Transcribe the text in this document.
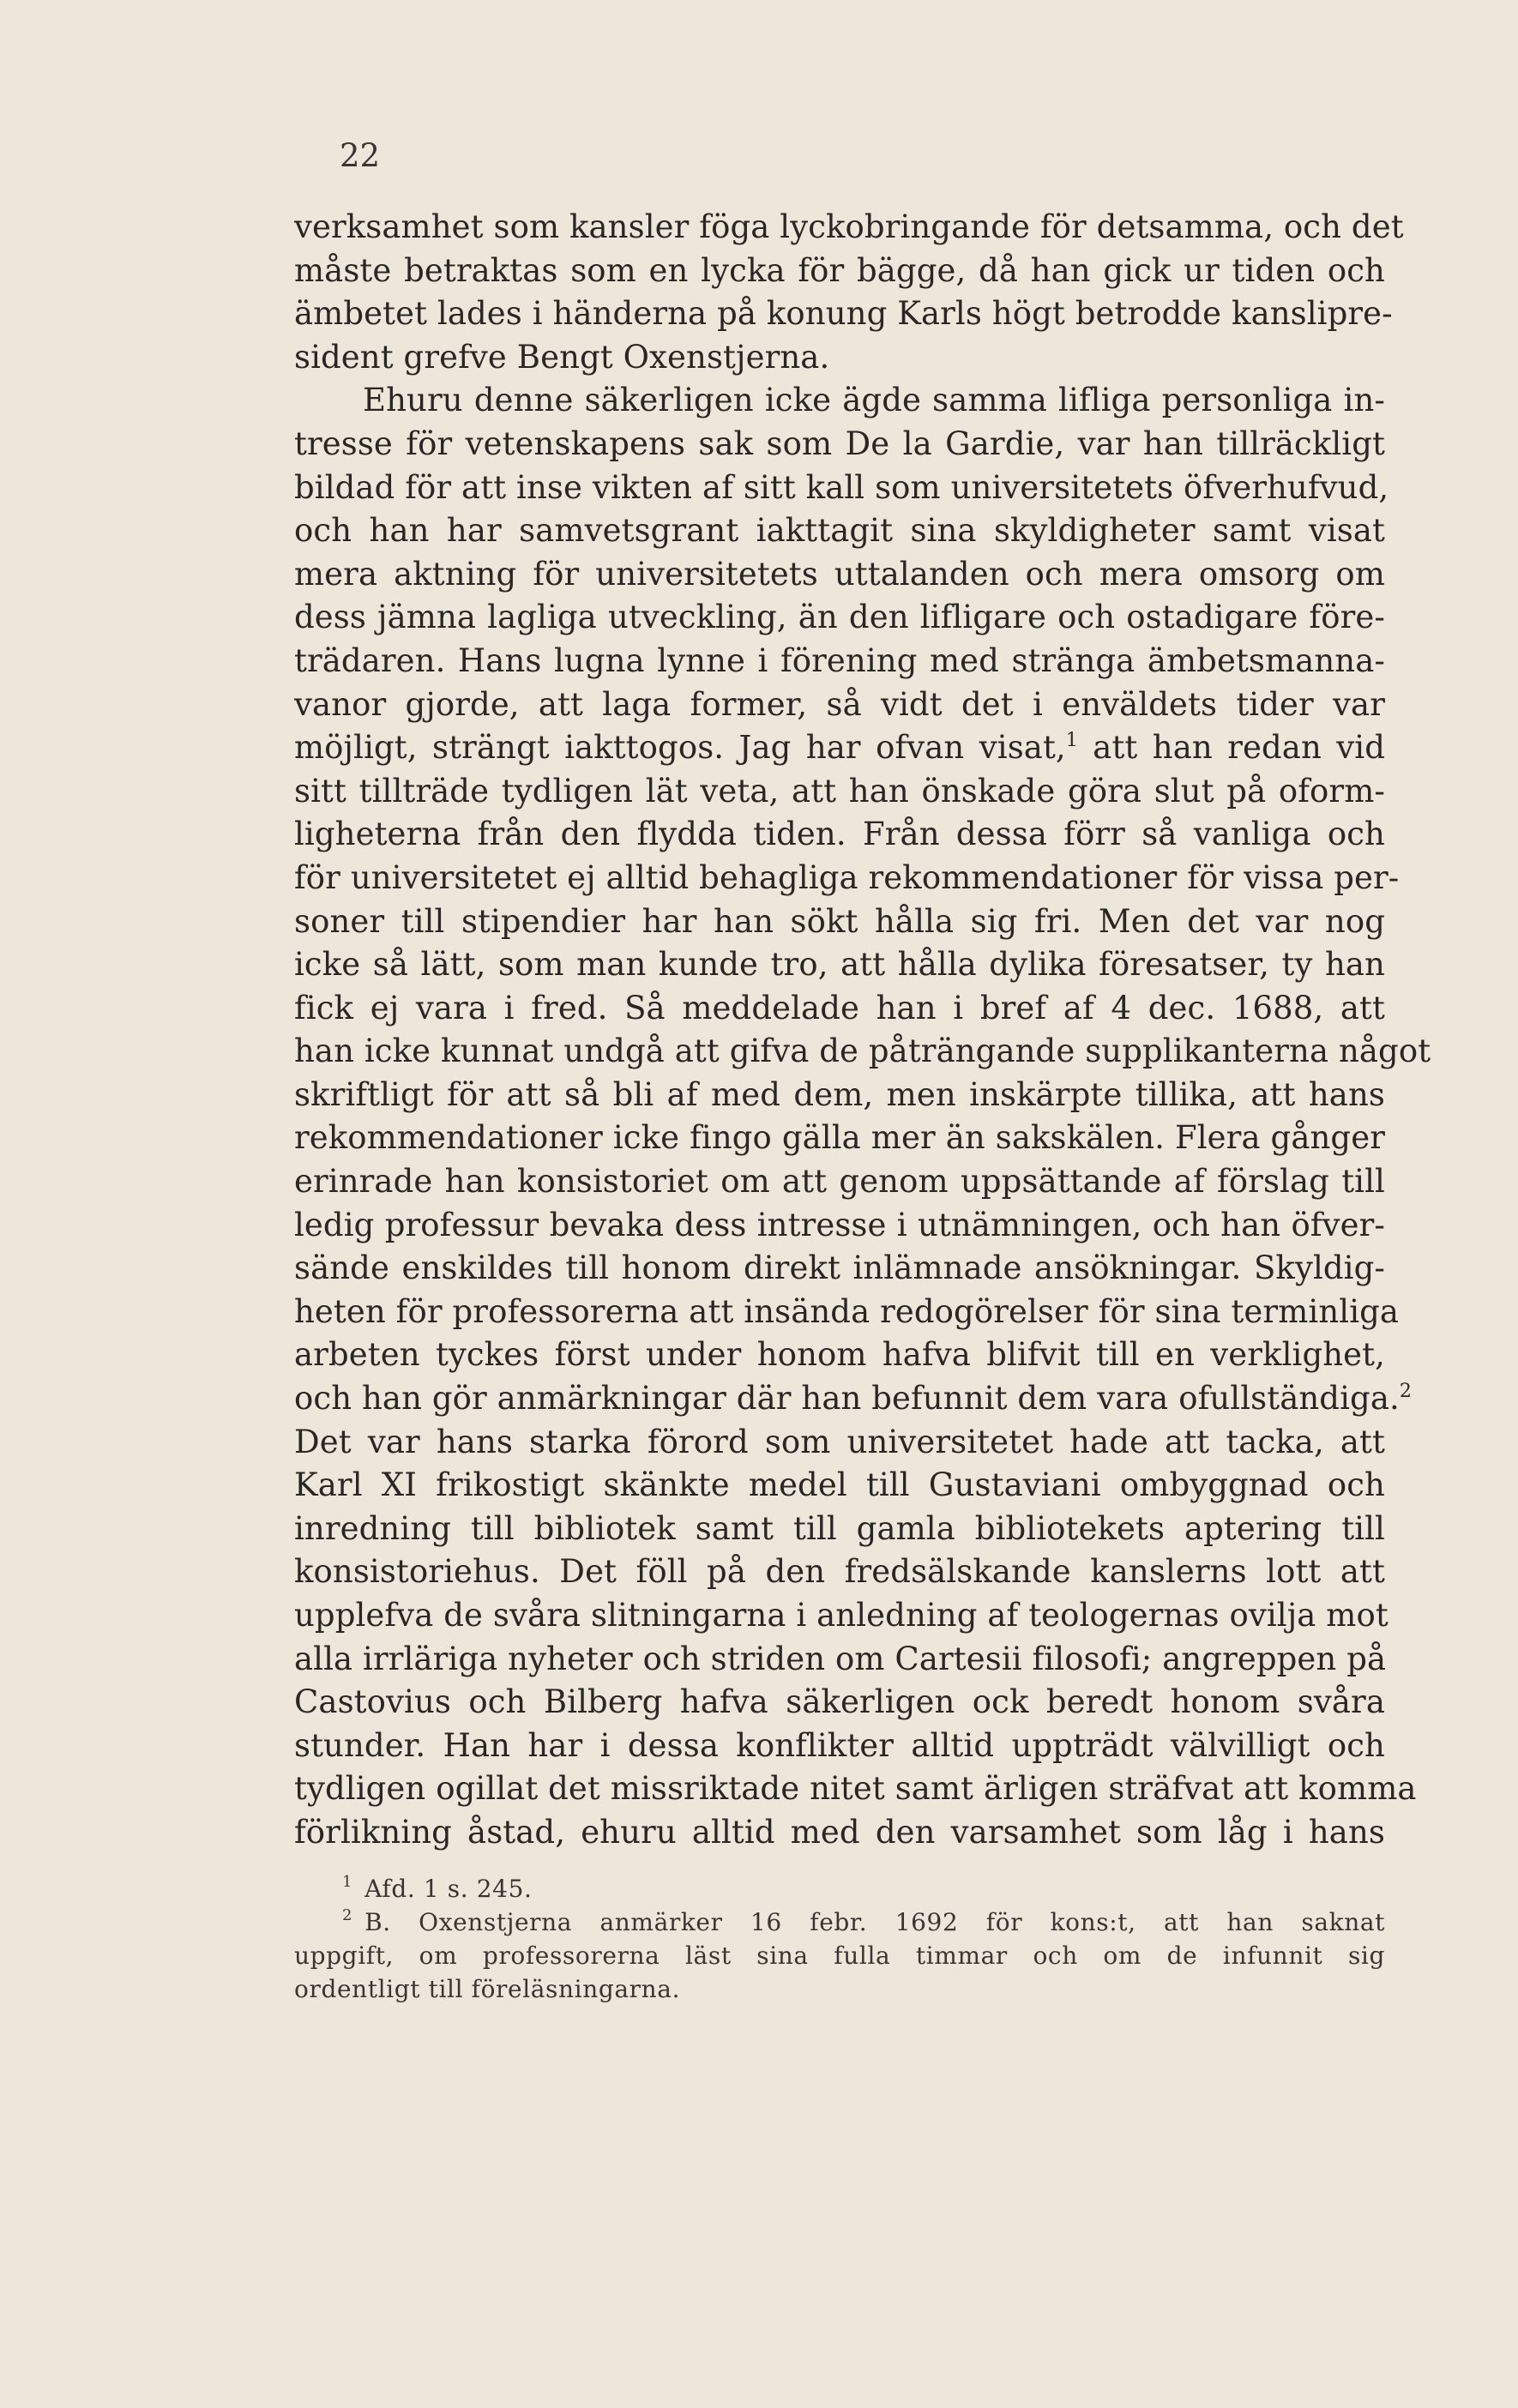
22
verksamhet som kansler föga lyckobringande för detsamma, och det
måste betraktas som en lycka för bägge, då han gick ur tiden och
ämbetet lades i händerna på konung Karls högt betrodde kanslipre-
sident grefve Bengt Oxenstjerna.
Ehuru denne säkerligen icke ägde samma lifliga personliga in-
tresse för vetenskapens sak som De la Gardie, var han tillräckligt
bildad för att inse vikten af sitt kall som universitetets öfverhufvud,
och han har samvetsgrant iakttagit sina skyldigheter samt visat
mera aktning för universitetets uttalanden och mera omsorg om
dess jämna lagliga utveckling, än den lifligare och ostadigare före-
trädaren. Hans lugna lynne i förening med stränga ämbetsmanna-
vanor gjorde, att laga former, så vidt det i enväldets tider var
möjligt, strängt iakttogos. Jag har ofvan visat,$^1$ att han redan vid
sitt tillträde tydligen lät veta, att han önskade göra slut på oform-
ligheterna från den flydda tiden. Från dessa förr så vanliga och
för universitetet ej alltid behagliga rekommendationer för vissa per-
soner till stipendier har han sökt hålla sig fri. Men det var nog
icke så lätt, som man kunde tro, att hålla dylika föresatser, ty han
fick ej vara i fred. Så meddelade han i bref af 4 dec. 1688, att
han icke kunnat undgå att gifva de påträngande supplikanterna något
skriftligt för att så bli af med dem, men inskärpte tillika, att hans
rekommendationer icke fingo gälla mer än sakskälen. Flera gånger
erinrade han konsistoriet om att genom uppsättande af förslag till
ledig professur bevaka dess intresse i utnämningen, och han öfver-
sände enskildes till honom direkt inlämnade ansökningar. Skyldig-
heten för professorerna att insända redogörelser för sina terminliga
arbeten tyckes först under honom hafva blifvit till en verklighet,
och han gör anmärkningar där han befunnit dem vara ofullständiga.$^2$
Det var hans starka förord som universitetet hade att tacka, att
Karl XI frikostigt skänkte medel till Gustaviani ombyggnad och
inredning till bibliotek samt till gamla bibliotekets aptering till
konsistoriehus. Det föll på den fredsälskande kanslerns lott att
upplefva de svåra slitningarna i anledning af teologernas ovilja mot
alla irrläriga nyheter och striden om Cartesii filosofi; angreppen på
Castovius och Bilberg hafva säkerligen ock beredt honom svåra
stunder. Han har i dessa konflikter alltid uppträdt välvilligt och
tydligen ogillat det missriktade nitet samt ärligen sträfvat att komma
förlikning åstad, ehuru alltid med den varsamhet som låg i hans
$^1$ Afd. 1 s. 245.
$^2$ B. Oxenstjerna anmärker 16 febr. 1692 för kons:t, att han saknat
uppgift, om professorerna läst sina fulla timmar och om de infunnit sig
ordentligt till föreläsningarna.
